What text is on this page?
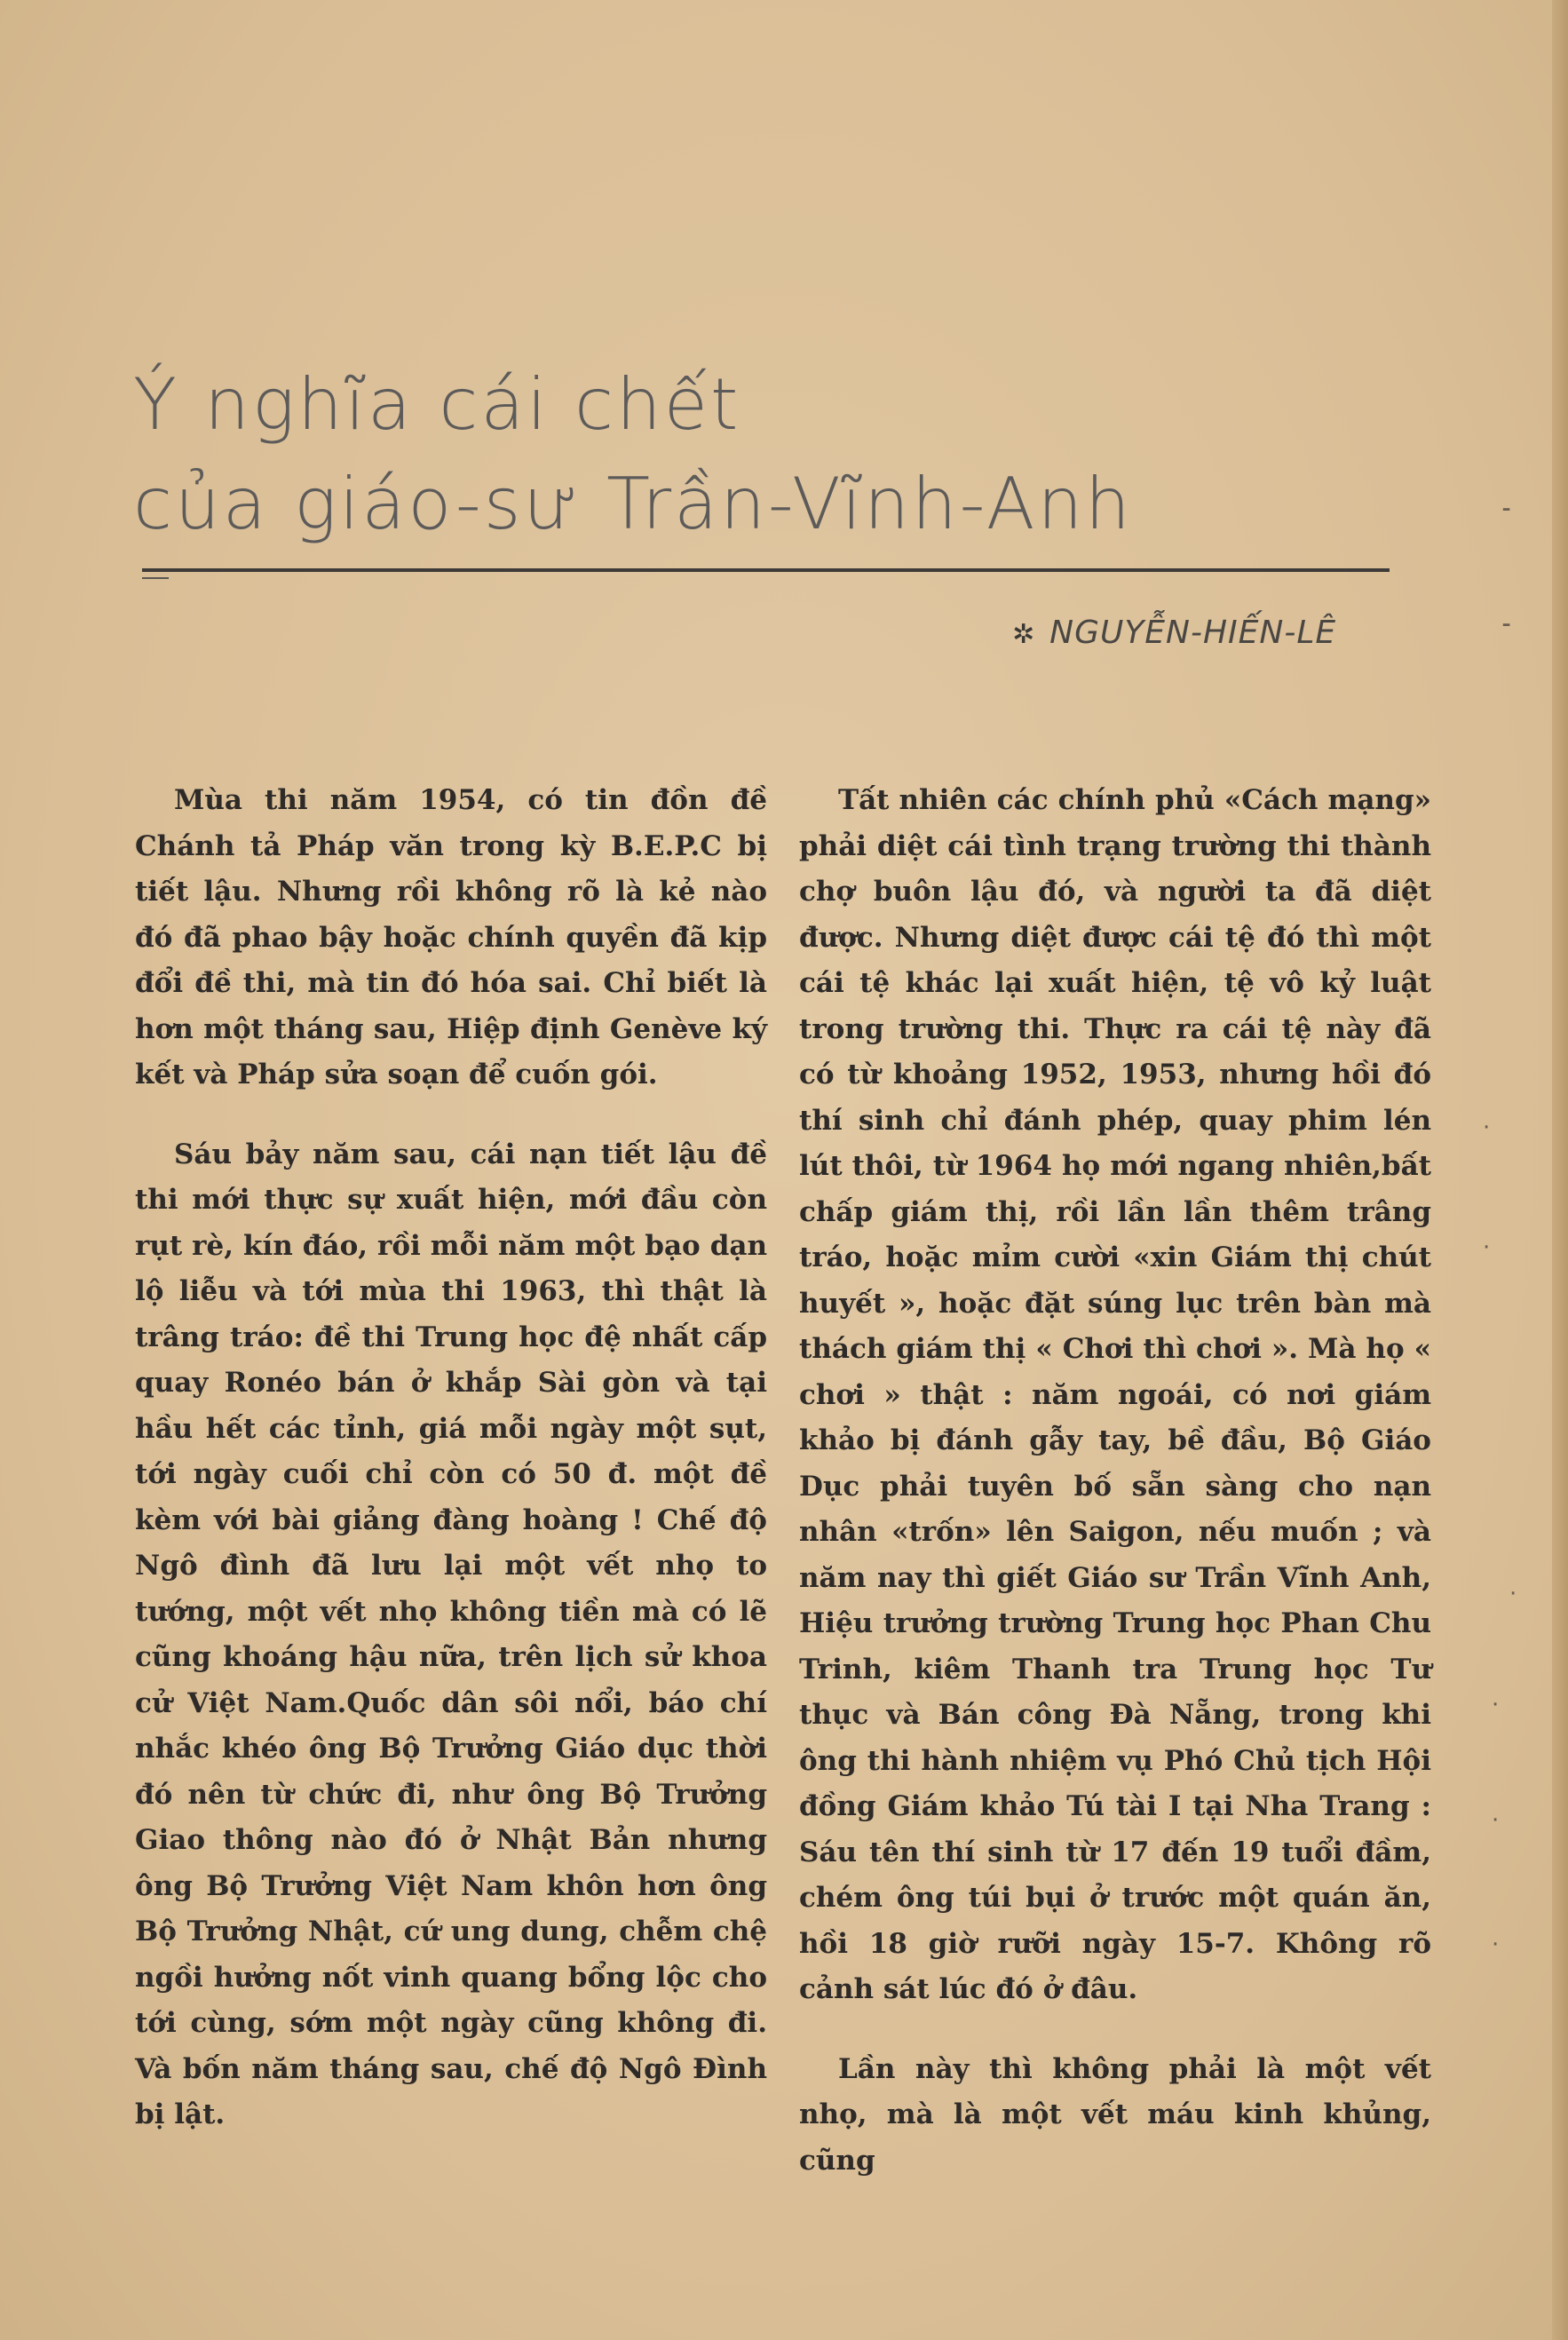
Ý nghĩa cái chết
của giáo-sư Trần-Vĩnh-Anh
✲ NGUYỄN-HIẾN-LÊ

Mùa thi năm 1954, có tin đồn đề Chánh tả Pháp văn trong kỳ B.E.P.C bị tiết lậu. Nhưng rồi không rõ là kẻ nào đó đã phao bậy hoặc chính quyền đã kịp đổi đề thi, mà tin đó hóa sai. Chỉ biết là hơn một tháng sau, Hiệp định Genève ký kết và Pháp sửa soạn để cuốn gói.

Sáu bảy năm sau, cái nạn tiết lậu đề thi mới thực sự xuất hiện, mới đầu còn rụt rè, kín đáo, rồi mỗi năm một bạo dạn lộ liễu và tới mùa thi 1963, thì thật là trâng tráo: đề thi Trung học đệ nhất cấp quay Ronéo bán ở khắp Sài gòn và tại hầu hết các tỉnh, giá mỗi ngày một sụt, tới ngày cuối chỉ còn có 50 đ. một đề kèm với bài giảng đàng hoàng ! Chế độ Ngô đình đã lưu lại một vết nhọ to tướng, một vết nhọ không tiền mà có lẽ cũng khoáng hậu nữa, trên lịch sử khoa cử Việt Nam.Quốc dân sôi nổi, báo chí nhắc khéo ông Bộ Trưởng Giáo dục thời đó nên từ chức đi, như ông Bộ Trưởng Giao thông nào đó ở Nhật Bản nhưng ông Bộ Trưởng Việt Nam khôn hơn ông Bộ Trưởng Nhật, cứ ung dung, chễm chệ ngồi hưởng nốt vinh quang bổng lộc cho tới cùng, sớm một ngày cũng không đi. Và bốn năm tháng sau, chế độ Ngô Đình bị lật.

Tất nhiên các chính phủ «Cách mạng» phải diệt cái tình trạng trường thi thành chợ buôn lậu đó, và người ta đã diệt được. Nhưng diệt được cái tệ đó thì một cái tệ khác lại xuất hiện, tệ vô kỷ luật trong trường thi. Thực ra cái tệ này đã có từ khoảng 1952, 1953, nhưng hồi đó thí sinh chỉ đánh phép, quay phim lén lút thôi, từ 1964 họ mới ngang nhiên,bất chấp giám thị, rồi lần lần thêm trâng tráo, hoặc mỉm cười «xin Giám thị chút huyết », hoặc đặt súng lục trên bàn mà thách giám thị « Chơi thì chơi ». Mà họ « chơi » thật : năm ngoái, có nơi giám khảo bị đánh gẫy tay, bề đầu, Bộ Giáo Dục phải tuyên bố sẵn sàng cho nạn nhân «trốn» lên Saigon, nếu muốn ; và năm nay thì giết Giáo sư Trần Vĩnh Anh, Hiệu trưởng trường Trung học Phan Chu Trinh, kiêm Thanh tra Trung học Tư thục và Bán công Đà Nẵng, trong khi ông thi hành nhiệm vụ Phó Chủ tịch Hội đồng Giám khảo Tú tài I tại Nha Trang : Sáu tên thí sinh từ 17 đến 19 tuổi đầm, chém ông túi bụi ở trước một quán ăn, hồi 18 giờ rưỡi ngày 15-7. Không rõ cảnh sát lúc đó ở đâu.

Lần này thì không phải là một vết nhọ, mà là một vết máu kinh khủng, cũng

⁃
⁃
·
·
·
·
·
·
